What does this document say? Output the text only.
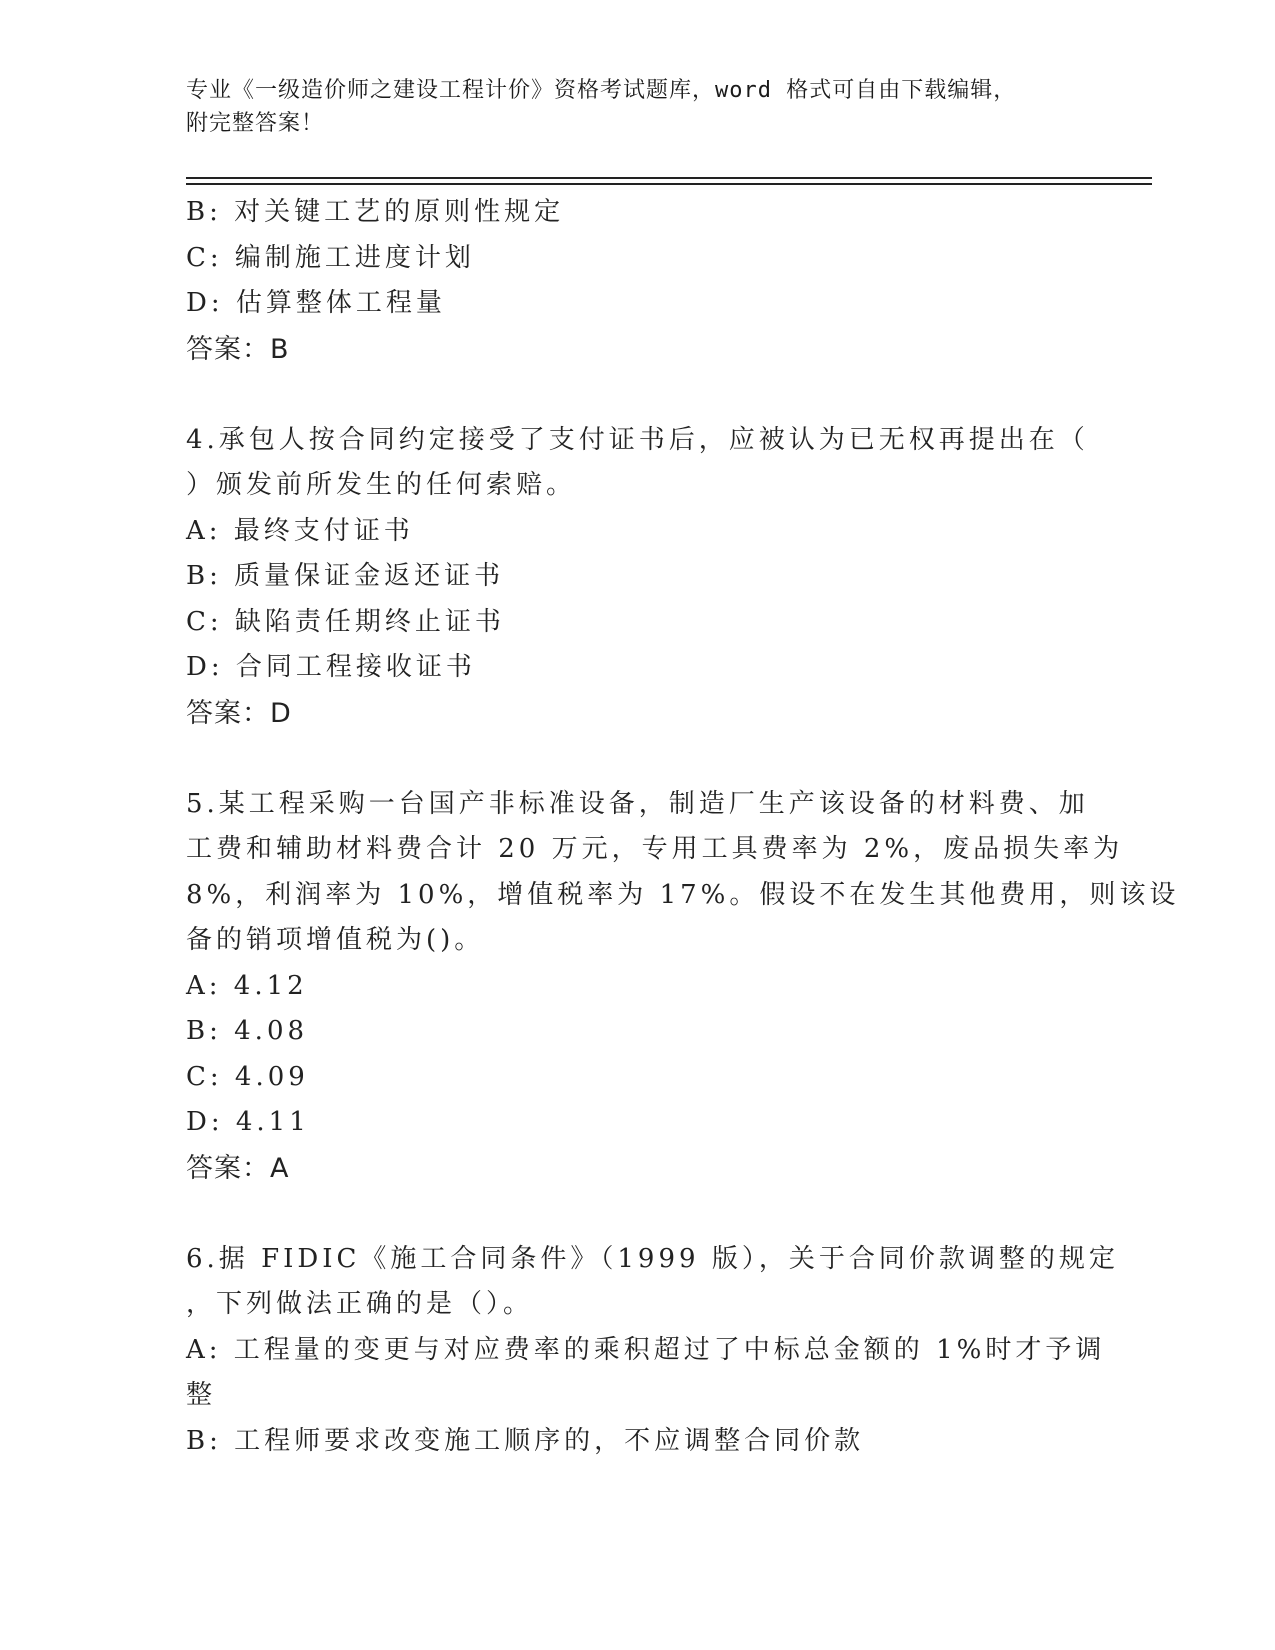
专业《一级造价师之建设工程计价》资格考试题库，word 格式可自由下载编辑，
附完整答案！
B: 对关键工艺的原则性规定
C: 编制施工进度计划
D: 估算整体工程量
答案：B
4.承包人按合同约定接受了支付证书后，应被认为已无权再提出在（
）颁发前所发生的任何索赔。
A: 最终支付证书
B: 质量保证金返还证书
C: 缺陷责任期终止证书
D: 合同工程接收证书
答案：D
5.某工程采购一台国产非标准设备，制造厂生产该设备的材料费、加
工费和辅助材料费合计 20 万元，专用工具费率为 2%，废品损失率为
8%，利润率为 10%，增值税率为 17%。假设不在发生其他费用，则该设
备的销项增值税为()。
A: 4.12
B: 4.08
C: 4.09
D: 4.11
答案：A
6.据 FIDIC《施工合同条件》（1999 版），关于合同价款调整的规定
，下列做法正确的是（）。
A: 工程量的变更与对应费率的乘积超过了中标总金额的 1%时才予调
整
B: 工程师要求改变施工顺序的，不应调整合同价款
